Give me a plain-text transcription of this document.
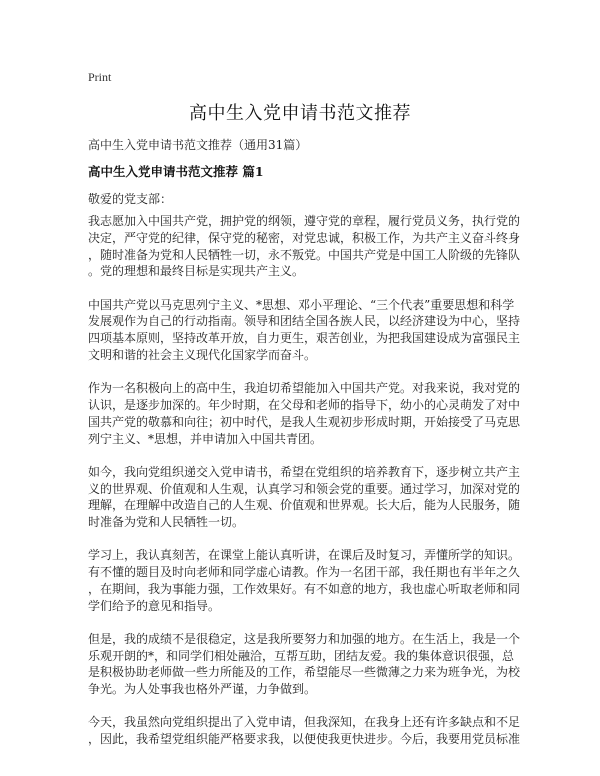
Print
高中生入党申请书范文推荐
高中生入党申请书范文推荐（通用31篇）
高中生入党申请书范文推荐 篇1
敬爱的党支部：

我志愿加入中国共产党，拥护党的纲领，遵守党的章程，履行党员义务，执行党的
决定，严守党的纪律，保守党的秘密，对党忠诚，积极工作，为共产主义奋斗终身
，随时准备为党和人民牺牲一切，永不叛党。中国共产党是中国工人阶级的先锋队
。党的理想和最终目标是实现共产主义。

中国共产党以马克思列宁主义、*思想、邓小平理论、“三个代表”重要思想和科学
发展观作为自己的行动指南。领导和团结全国各族人民，以经济建设为中心，坚持
四项基本原则，坚持改革开放，自力更生，艰苦创业，为把我国建设成为富强民主
文明和谐的社会主义现代化国家学而奋斗。

作为一名积极向上的高中生，我迫切希望能加入中国共产党。对我来说，我对党的
认识，是逐步加深的。年少时期，在父母和老师的指导下，幼小的心灵萌发了对中
国共产党的敬慕和向往；初中时代，是我人生观初步形成时期，开始接受了马克思
列宁主义、*思想，并申请加入中国共青团。

如今，我向党组织递交入党申请书，希望在党组织的培养教育下，逐步树立共产主
义的世界观、价值观和人生观，认真学习和领会党的重要。通过学习，加深对党的
理解，在理解中改造自己的人生观、价值观和世界观。长大后，能为人民服务，随
时准备为党和人民牺牲一切。

学习上，我认真刻苦，在课堂上能认真听讲，在课后及时复习，弄懂所学的知识。
有不懂的题目及时向老师和同学虚心请教。作为一名团干部，我任期也有半年之久
，在期间，我为事能力强，工作效果好。有不如意的地方，我也虚心听取老师和同
学们给予的意见和指导。

但是，我的成绩不是很稳定，这是我所要努力和加强的地方。在生活上，我是一个
乐观开朗的*，和同学们相处融洽，互帮互助，团结友爱。我的集体意识很强，总
是积极协助老师做一些力所能及的工作，希望能尽一些微薄之力来为班争光，为校
争光。为人处事我也格外严谨，力争做到。

今天，我虽然向党组织提出了入党申请，但我深知，在我身上还有许多缺点和不足
，因此，我希望党组织能严格要求我，以便使我更快进步。今后，我要用党员标准
